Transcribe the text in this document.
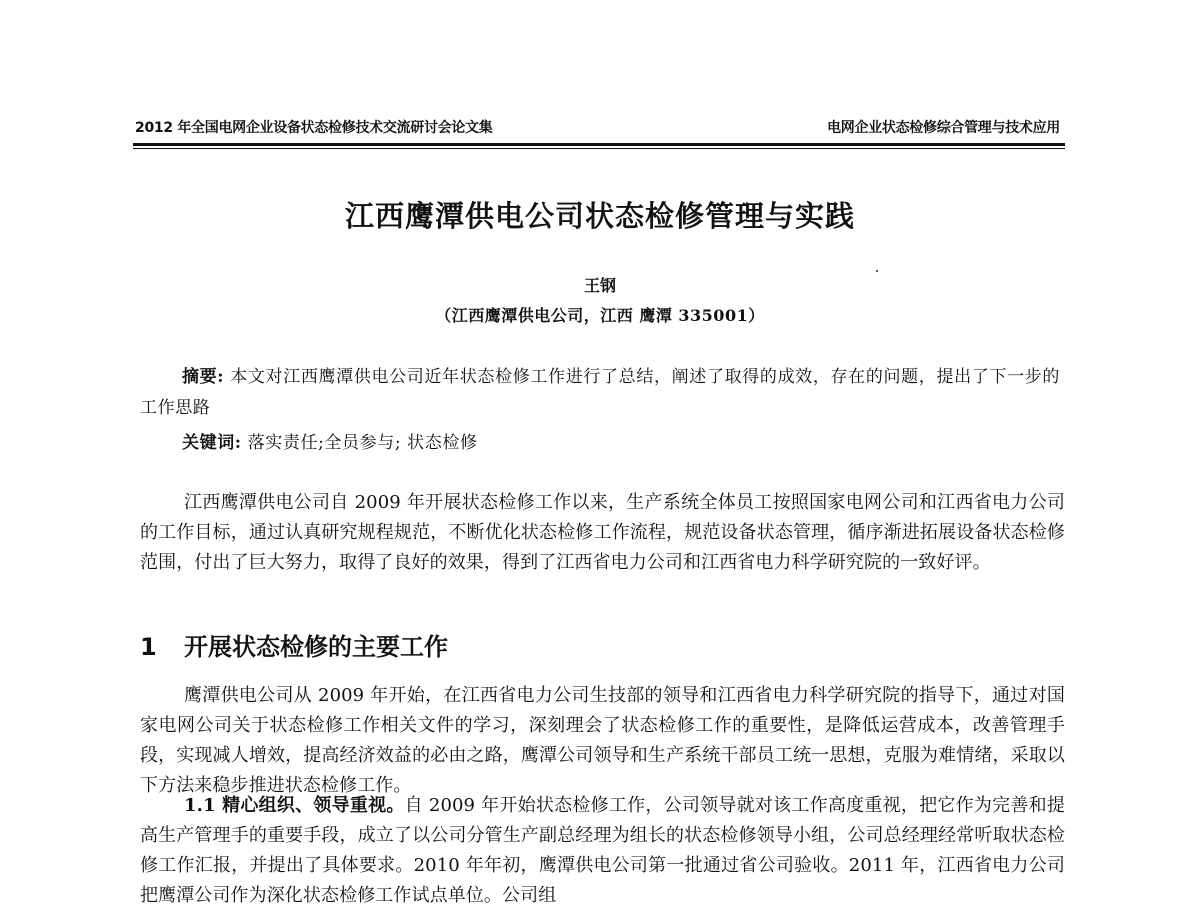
2012 年全国电网企业设备状态检修技术交流研讨会论文集	电网企业状态检修综合管理与技术应用
江西鹰潭供电公司状态检修管理与实践
王钢
（江西鹰潭供电公司，江西 鹰潭 335001）
摘要: 本文对江西鹰潭供电公司近年状态检修工作进行了总结，阐述了取得的成效，存在的问题，提出了下一步的工作思路
关键词: 落实责任;全员参与; 状态检修
江西鹰潭供电公司自 2009 年开展状态检修工作以来，生产系统全体员工按照国家电网公司和江西省电力公司的工作目标，通过认真研究规程规范，不断优化状态检修工作流程，规范设备状态管理，循序渐进拓展设备状态检修范围，付出了巨大努力，取得了良好的效果，得到了江西省电力公司和江西省电力科学研究院的一致好评。
1 开展状态检修的主要工作
鹰潭供电公司从 2009 年开始，在江西省电力公司生技部的领导和江西省电力科学研究院的指导下，通过对国家电网公司关于状态检修工作相关文件的学习，深刻理会了状态检修工作的重要性，是降低运营成本，改善管理手段，实现减人增效，提高经济效益的必由之路，鹰潭公司领导和生产系统干部员工统一思想，克服为难情绪，采取以下方法来稳步推进状态检修工作。
1.1 精心组织、领导重视。自 2009 年开始状态检修工作，公司领导就对该工作高度重视，把它作为完善和提高生产管理手的重要手段，成立了以公司分管生产副总经理为组长的状态检修领导小组，公司总经理经常听取状态检修工作汇报，并提出了具体要求。2010 年年初，鹰潭供电公司第一批通过省公司验收。2011 年，江西省电力公司把鹰潭公司作为深化状态检修工作试点单位。公司组
